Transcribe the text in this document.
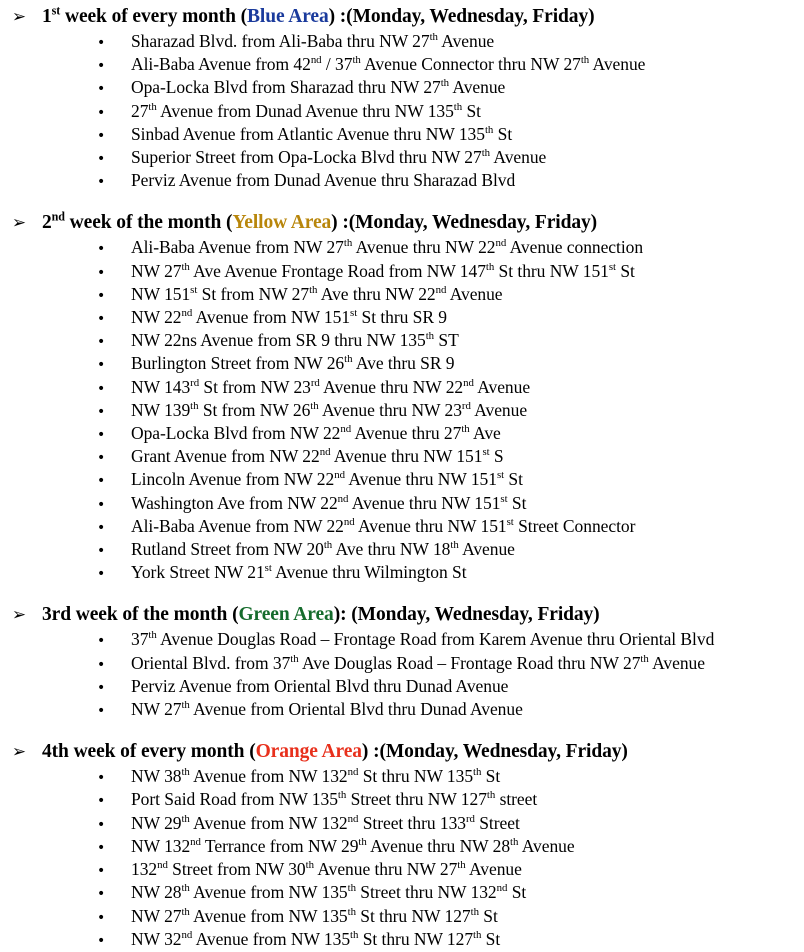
➢ 1st week of every month (Blue Area) :(Monday, Wednesday, Friday)
•	Sharazad Blvd. from Ali-Baba thru NW 27th Avenue
•	Ali-Baba Avenue from 42nd / 37th Avenue Connector thru NW 27th Avenue
•	Opa-Locka Blvd from Sharazad thru NW 27th Avenue
•	27th Avenue from Dunad Avenue thru NW 135th St
•	Sinbad Avenue from Atlantic Avenue thru NW 135th St
•	Superior Street from Opa-Locka Blvd thru NW 27th Avenue
•	Perviz Avenue from Dunad Avenue thru Sharazad Blvd
➢ 2nd week of the month (Yellow Area) :(Monday, Wednesday, Friday)
•	Ali-Baba Avenue from NW 27th Avenue thru NW 22nd Avenue connection
•	NW 27th Ave Avenue Frontage Road from NW 147th St thru NW 151st St
•	NW 151st St from NW 27th Ave thru NW 22nd Avenue
•	NW 22nd Avenue from NW 151st St thru SR 9
•	NW 22ns Avenue from SR 9 thru NW 135th ST
•	Burlington Street from NW 26th Ave thru SR 9
•	NW 143rd St from NW 23rd Avenue thru NW 22nd Avenue
•	NW 139th St from NW 26th Avenue thru NW 23rd Avenue
•	Opa-Locka Blvd from NW 22nd Avenue thru 27th Ave
•	Grant Avenue from NW 22nd Avenue thru NW 151st S
•	Lincoln Avenue from NW 22nd Avenue thru NW 151st St
•	Washington Ave from NW 22nd Avenue thru NW 151st St
•	Ali-Baba Avenue from NW 22nd Avenue thru NW 151st Street Connector
•	Rutland Street from NW 20th Ave thru NW 18th Avenue
•	York Street NW 21st Avenue thru Wilmington St
➢ 3rd week of the month (Green Area): (Monday, Wednesday, Friday)
•	37th Avenue Douglas Road – Frontage Road from Karem Avenue thru Oriental Blvd
•	Oriental Blvd. from 37th Ave Douglas Road – Frontage Road thru NW 27th Avenue
•	Perviz Avenue from Oriental Blvd thru Dunad Avenue
•	NW 27th Avenue from Oriental Blvd thru Dunad Avenue
➢ 4th week of every month (Orange Area) :(Monday, Wednesday, Friday)
•	NW 38th Avenue from NW 132nd St thru NW 135th St
•	Port Said Road from NW 135th Street thru NW 127th street
•	NW 29th Avenue from NW 132nd Street thru 133rd Street
•	NW 132nd Terrance from NW 29th Avenue thru NW 28th Avenue
•	132nd Street from NW 30th Avenue thru NW 27th Avenue
•	NW 28th Avenue from NW 135th Street thru NW 132nd St
•	NW 27th Avenue from NW 135th St thru NW 127th St
•	NW 32nd Avenue from NW 135th St thru NW 127th St
